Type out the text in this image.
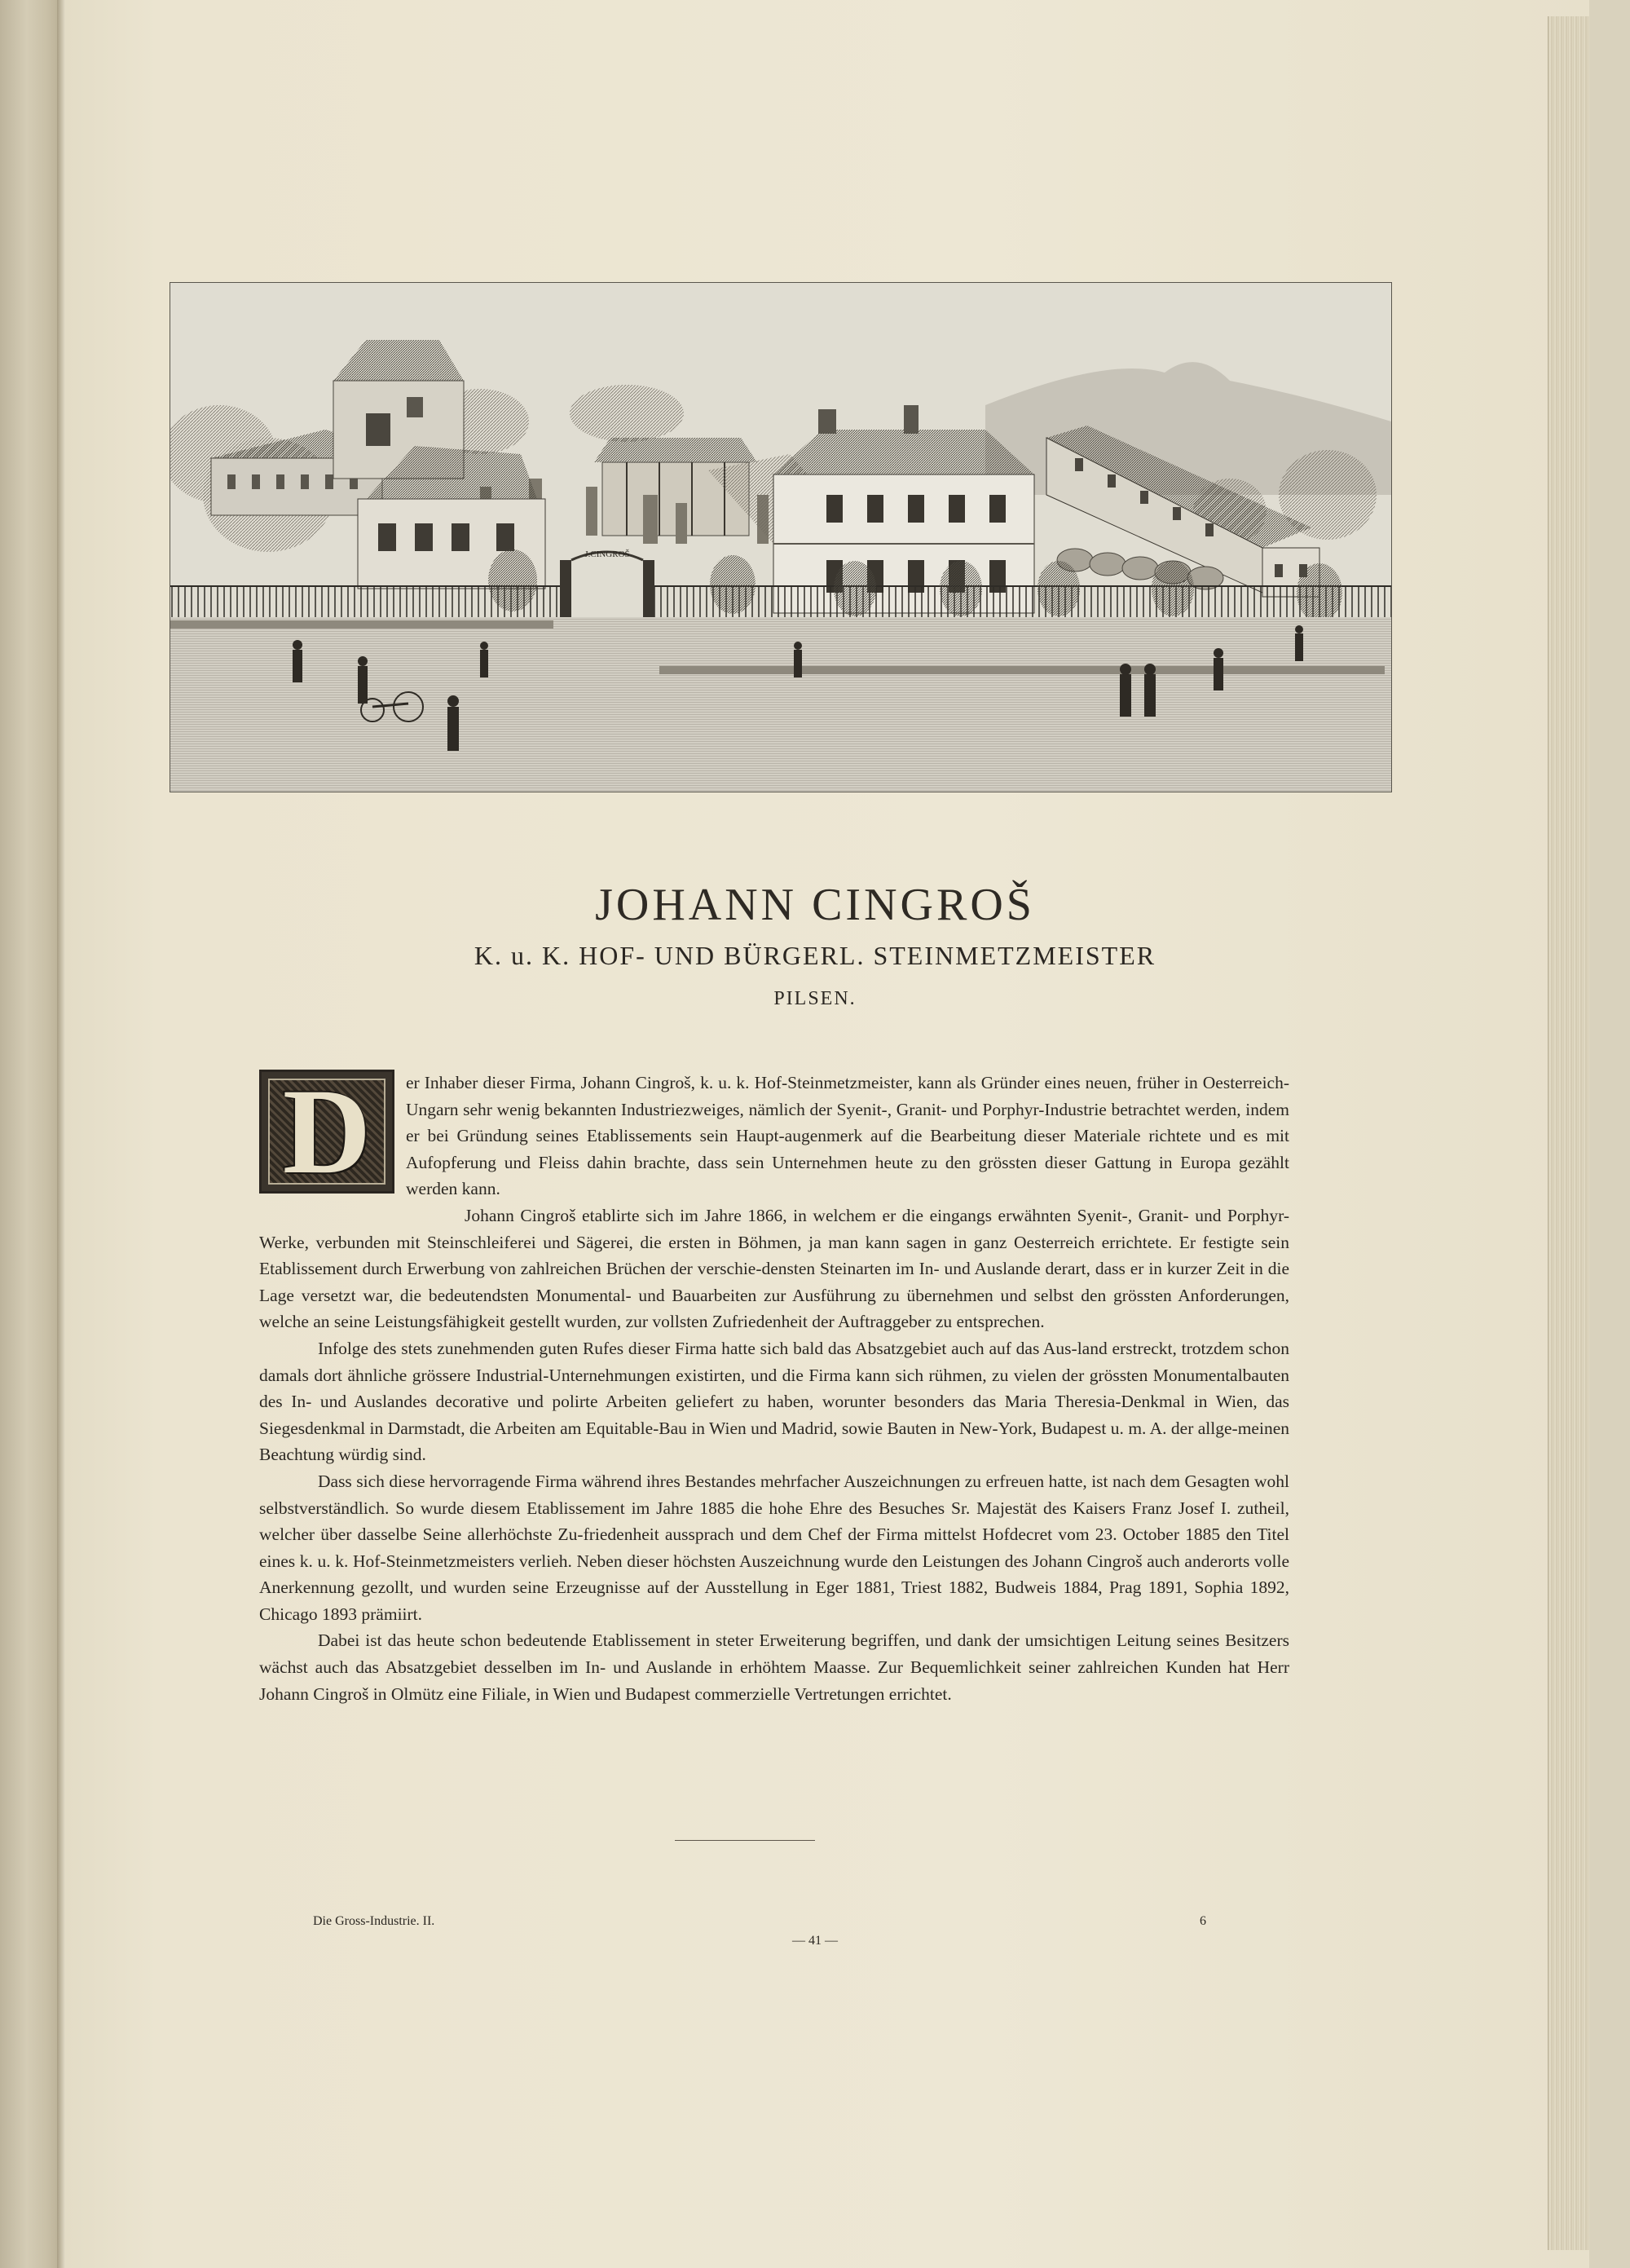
J.CINGROŠ
JOHANN CINGROŠ
K. u. K. HOF- UND BÜRGERL. STEINMETZMEISTER
PILSEN.

er Inhaber dieser Firma, Johann Cingroš, k. u. k. Hof-Steinmetzmeister, kann als Gründer eines neuen, früher in Oesterreich-Ungarn sehr wenig bekannten Industriezweiges, nämlich der Syenit-, Granit- und Porphyr-Industrie betrachtet werden, indem er bei Gründung seines Etablissements sein Haupt-augenmerk auf die Bearbeitung dieser Materiale richtete und es mit Aufopferung und Fleiss dahin brachte, dass sein Unternehmen heute zu den grössten dieser Gattung in Europa gezählt werden kann.

Johann Cingroš etablirte sich im Jahre 1866, in welchem er die eingangs erwähnten Syenit-, Granit- und Porphyr-Werke, verbunden mit Steinschleiferei und Sägerei, die ersten in Böhmen, ja man kann sagen in ganz Oesterreich errichtete. Er festigte sein Etablissement durch Erwerbung von zahlreichen Brüchen der verschie-densten Steinarten im In- und Auslande derart, dass er in kurzer Zeit in die Lage versetzt war, die bedeutendsten Monumental- und Bauarbeiten zur Ausführung zu übernehmen und selbst den grössten Anforderungen, welche an seine Leistungsfähigkeit gestellt wurden, zur vollsten Zufriedenheit der Auftraggeber zu entsprechen.

Infolge des stets zunehmenden guten Rufes dieser Firma hatte sich bald das Absatzgebiet auch auf das Aus-land erstreckt, trotzdem schon damals dort ähnliche grössere Industrial-Unternehmungen existirten, und die Firma kann sich rühmen, zu vielen der grössten Monumentalbauten des In- und Auslandes decorative und polirte Arbeiten geliefert zu haben, worunter besonders das Maria Theresia-Denkmal in Wien, das Siegesdenkmal in Darmstadt, die Arbeiten am Equitable-Bau in Wien und Madrid, sowie Bauten in New-York, Budapest u. m. A. der allge-meinen Beachtung würdig sind.

Dass sich diese hervorragende Firma während ihres Bestandes mehrfacher Auszeichnungen zu erfreuen hatte, ist nach dem Gesagten wohl selbstverständlich. So wurde diesem Etablissement im Jahre 1885 die hohe Ehre des Besuches Sr. Majestät des Kaisers Franz Josef I. zutheil, welcher über dasselbe Seine allerhöchste Zu-friedenheit aussprach und dem Chef der Firma mittelst Hofdecret vom 23. October 1885 den Titel eines k. u. k. Hof-Steinmetzmeisters verlieh. Neben dieser höchsten Auszeichnung wurde den Leistungen des Johann Cingroš auch anderorts volle Anerkennung gezollt, und wurden seine Erzeugnisse auf der Ausstellung in Eger 1881, Triest 1882, Budweis 1884, Prag 1891, Sophia 1892, Chicago 1893 prämiirt.

Dabei ist das heute schon bedeutende Etablissement in steter Erweiterung begriffen, und dank der umsichtigen Leitung seines Besitzers wächst auch das Absatzgebiet desselben im In- und Auslande in erhöhtem Maasse. Zur Bequemlichkeit seiner zahlreichen Kunden hat Herr Johann Cingroš in Olmütz eine Filiale, in Wien und Budapest commerzielle Vertretungen errichtet.

D
Die Gross-Industrie. II.	6
— 41 —
